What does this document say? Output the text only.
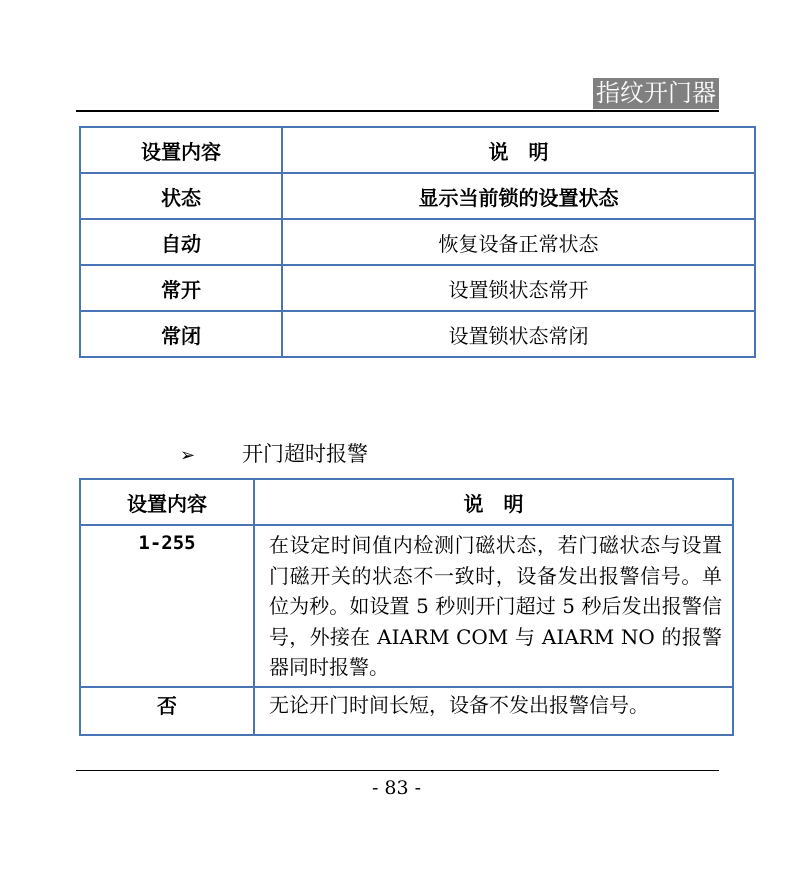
指纹开门器
设置内容	说　明
状态	显示当前锁的设置状态
自动	恢复设备正常状态
常开	设置锁状态常开
常闭	设置锁状态常闭
➢ 开门超时报警
设置内容	说　明
1-255	在设定时间值内检测门磁状态，若门磁状态与设置门磁开关的状态不一致时，设备发出报警信号。单位为秒。如设置 5 秒则开门超过 5 秒后发出报警信号，外接在 AIARM COM 与 AIARM NO 的报警器同时报警。
否	无论开门时间长短，设备不发出报警信号。
- 83 -
